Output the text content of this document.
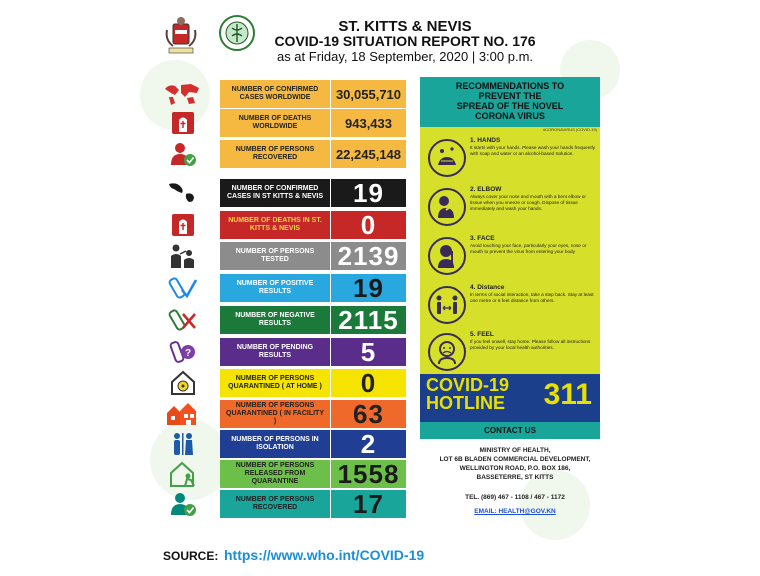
ST. KITTS & NEVIS
COVID-19 SITUATION REPORT NO. 176
as at Friday, 18 September, 2020 | 3:00 p.m.
NUMBER OF CONFIRMED CASES WORLDWIDE	30,055,710
NUMBER OF DEATHS WORLDWIDE	943,433
NUMBER OF PERSONS RECOVERED	22,245,148
NUMBER OF CONFIRMED CASES IN ST KITTS & NEVIS	19
NUMBER OF DEATHS IN ST. KITTS & NEVIS	0
NUMBER OF PERSONS TESTED	2139
NUMBER OF POSITIVE RESULTS	19
NUMBER OF NEGATIVE RESULTS	2115
?
NUMBER OF PENDING RESULTS	5
NUMBER OF PERSONS QUARANTINED ( AT HOME )	0
NUMBER OF PERSONS QUARANTINED ( IN FACILITY )	63
NUMBER OF PERSONS IN ISOLATION	2
NUMBER OF PERSONS RELEASED FROM QUARANTINE	1558
NUMBER OF PERSONS RECOVERED	17
RECOMMENDATIONS TO
PREVENT THE
SPREAD OF THE NOVEL
CORONA VIRUS
#CORONAVIRUS (COVID-19)
1. HANDS
It starts with your hands. Please wash your hands frequently with soap and water or an alcohol-based Solution.
2. ELBOW
Always cover your nose and mouth with a bent elbow or tissue when you sneeze or cough. Dispose of tissue immediately and wash your hands.
3. FACE
Avoid touching your face, particularly your eyes, nose or mouth to prevent the virus from entering your body
4. Distance
In terms of social interaction, take a step back. Stay at least one metre or 6 feet distance from others.
5. FEEL
If you feel unwell, stay home. Please follow all instructions provided by your local health authorities.
COVID-19
HOTLINE 311
CONTACT US
MINISTRY OF HEALTH,
LOT 6B BLADEN COMMERCIAL DEVELOPMENT,
WELLINGTON ROAD, P.O. BOX 186,
BASSETERRE, ST KITTS
TEL. (869) 467 - 1108 / 467 - 1172
EMAIL: HEALTH@GOV.KN
SOURCE: https://www.who.int/COVID-19
